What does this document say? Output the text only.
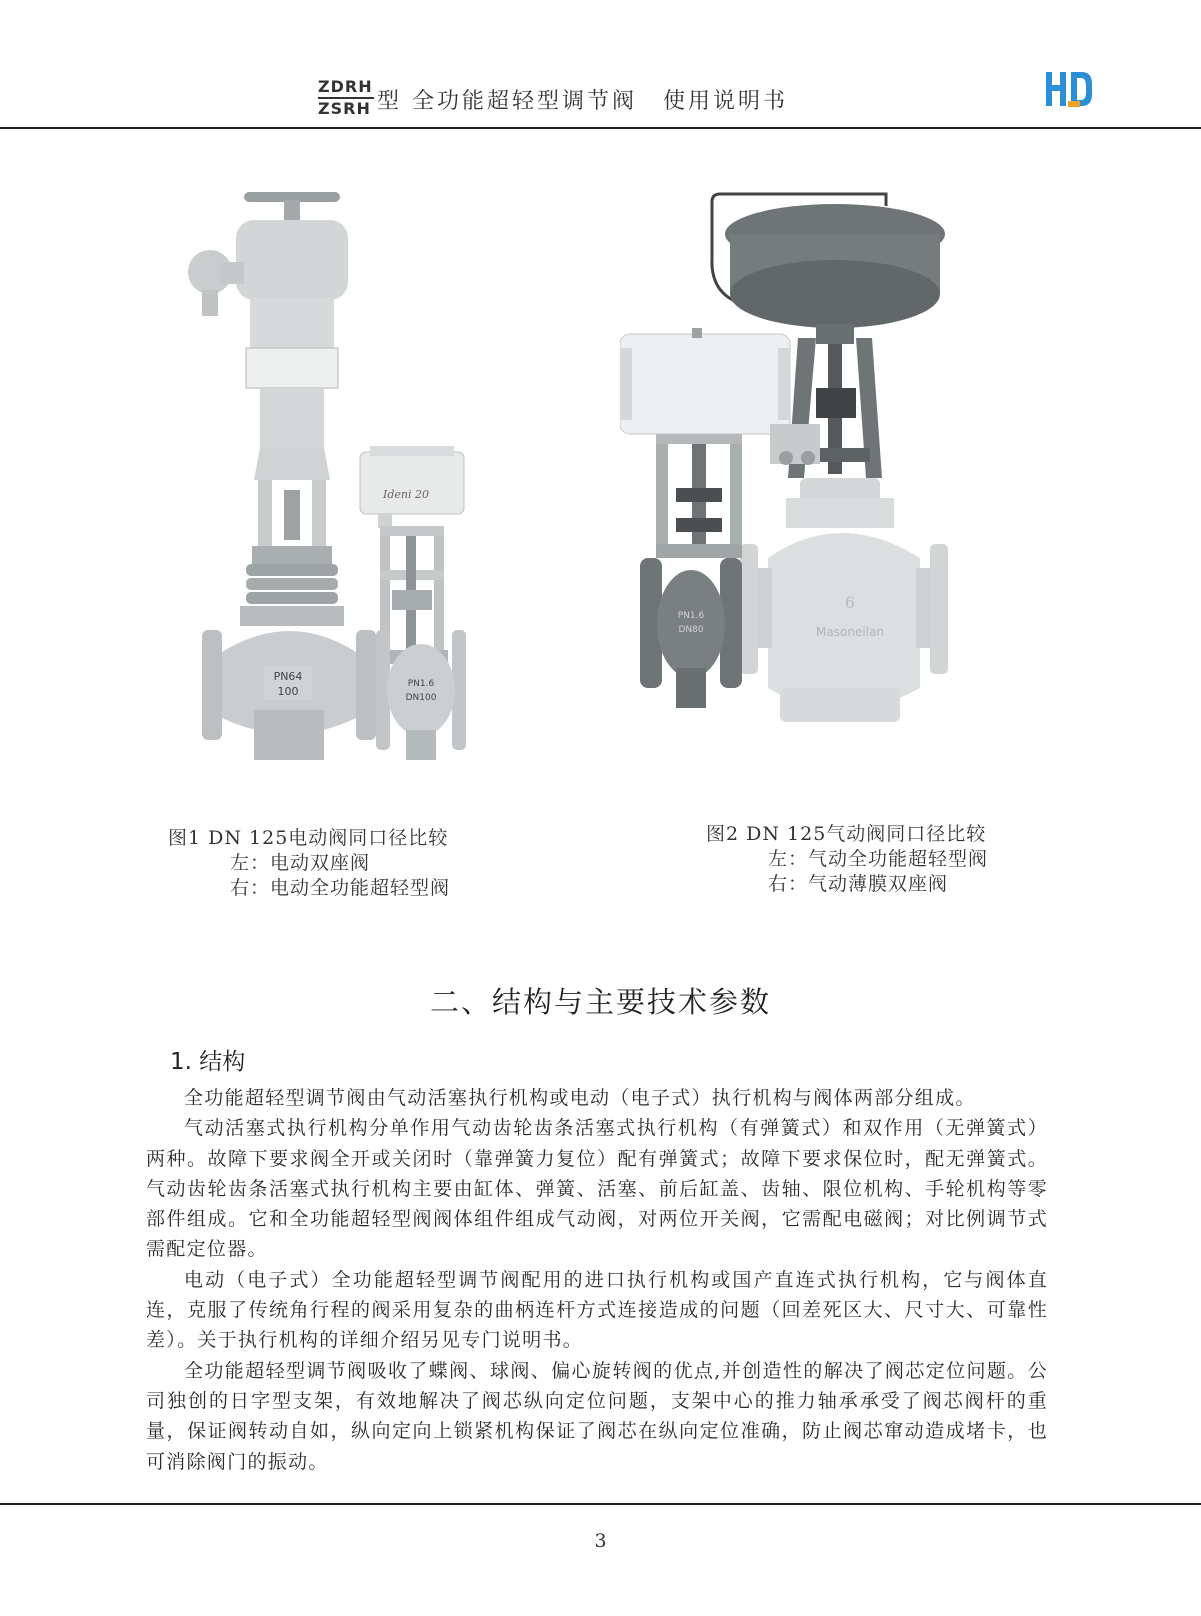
ZDRH
ZSRH 型 全功能超轻型调节阀 使用说明书
PN64
100
Ideni 20
PN1.6
DN100
6
Masoneilan
PN1.6
DN80
图1 DN 125电动阀同口径比较
左：电动双座阀
右：电动全功能超轻型阀
图2 DN 125气动阀同口径比较
左：气动全功能超轻型阀
右：气动薄膜双座阀
二、结构与主要技术参数
1. 结构

全功能超轻型调节阀由气动活塞执行机构或电动（电子式）执行机构与阀体两部分组成。

气动活塞式执行机构分单作用气动齿轮齿条活塞式执行机构（有弹簧式）和双作用（无弹簧式）两种。故障下要求阀全开或关闭时（靠弹簧力复位）配有弹簧式；故障下要求保位时，配无弹簧式。气动齿轮齿条活塞式执行机构主要由缸体、弹簧、活塞、前后缸盖、齿轴、限位机构、手轮机构等零部件组成。它和全功能超轻型阀阀体组件组成气动阀，对两位开关阀，它需配电磁阀；对比例调节式需配定位器。

电动（电子式）全功能超轻型调节阀配用的进口执行机构或国产直连式执行机构，它与阀体直连，克服了传统角行程的阀采用复杂的曲柄连杆方式连接造成的问题（回差死区大、尺寸大、可靠性差）。关于执行机构的详细介绍另见专门说明书。

全功能超轻型调节阀吸收了蝶阀、球阀、偏心旋转阀的优点,并创造性的解决了阀芯定位问题。公司独创的日字型支架，有效地解决了阀芯纵向定位问题，支架中心的推力轴承承受了阀芯阀杆的重量，保证阀转动自如，纵向定向上锁紧机构保证了阀芯在纵向定位准确，防止阀芯窜动造成堵卡，也可消除阀门的振动。

3
